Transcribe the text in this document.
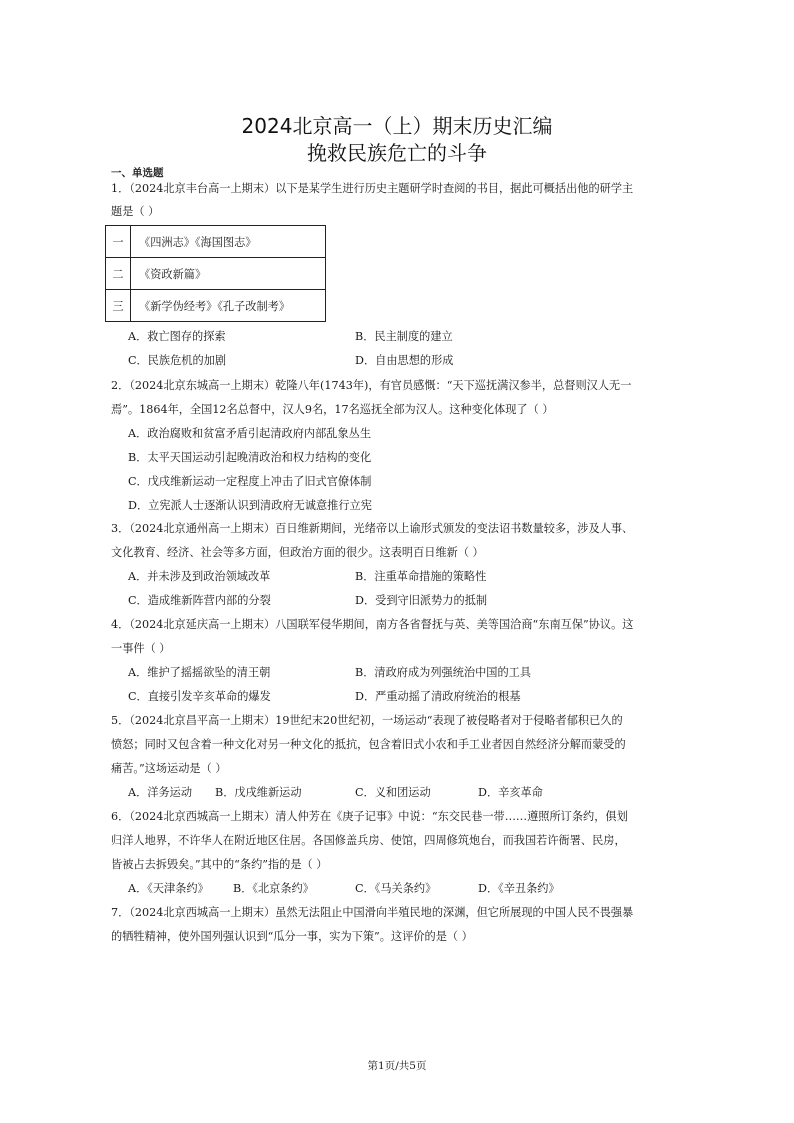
2024北京高一（上）期末历史汇编
挽救民族危亡的斗争
一、单选题
1．（2024北京丰台高一上期末）以下是某学生进行历史主题研学时查阅的书目，据此可概括出他的研学主
题是（ ）
一	《四洲志》《海国图志》
二	《资政新篇》
三	《新学伪经考》《孔子改制考》
A．救亡图存的探索	B．民主制度的建立
C．民族危机的加剧	D．自由思想的形成
2．（2024北京东城高一上期末）乾隆八年(1743年)，有官员感慨：“天下巡抚满汉参半，总督则汉人无一
焉”。1864年，全国12名总督中，汉人9名，17名巡抚全部为汉人。这种变化体现了（ ）
A．政治腐败和贫富矛盾引起清政府内部乱象丛生
B．太平天国运动引起晚清政治和权力结构的变化
C．戊戌维新运动一定程度上冲击了旧式官僚体制
D．立宪派人士逐渐认识到清政府无诚意推行立宪
3．（2024北京通州高一上期末）百日维新期间，光绪帝以上谕形式颁发的变法诏书数量较多，涉及人事、
文化教育、经济、社会等多方面，但政治方面的很少。这表明百日维新（ ）
A．并未涉及到政治领域改革	B．注重革命措施的策略性
C．造成维新阵营内部的分裂	D．受到守旧派势力的抵制
4．（2024北京延庆高一上期末）八国联军侵华期间，南方各省督抚与英、美等国洽商“东南互保”协议。这
一事件（ ）
A．维护了摇摇欲坠的清王朝	B．清政府成为列强统治中国的工具
C．直接引发辛亥革命的爆发	D．严重动摇了清政府统治的根基
5．（2024北京昌平高一上期末）19世纪末20世纪初，一场运动“表现了被侵略者对于侵略者郁积已久的
愤怒；同时又包含着一种文化对另一种文化的抵抗，包含着旧式小农和手工业者因自然经济分解而蒙受的
痛苦。”这场运动是（ ）
A．洋务运动 B．戊戌维新运动	C．义和团运动	D．辛亥革命
6．（2024北京西城高一上期末）清人仲芳在《庚子记事》中说：“东交民巷一带……遵照所订条约，俱划
归洋人地界，不许华人在附近地区住居。各国修盖兵房、使馆，四周修筑炮台，而我国若许衙署、民房，
皆被占去拆毁矣。”其中的“条约”指的是（ ）
A．《天津条约》 B．《北京条约》	C．《马关条约》	D．《辛丑条约》
7．（2024北京西城高一上期末）虽然无法阻止中国滑向半殖民地的深渊，但它所展现的中国人民不畏强暴
的牺牲精神，使外国列强认识到“瓜分一事，实为下策”。这评价的是（ ）
第1页/共5页
